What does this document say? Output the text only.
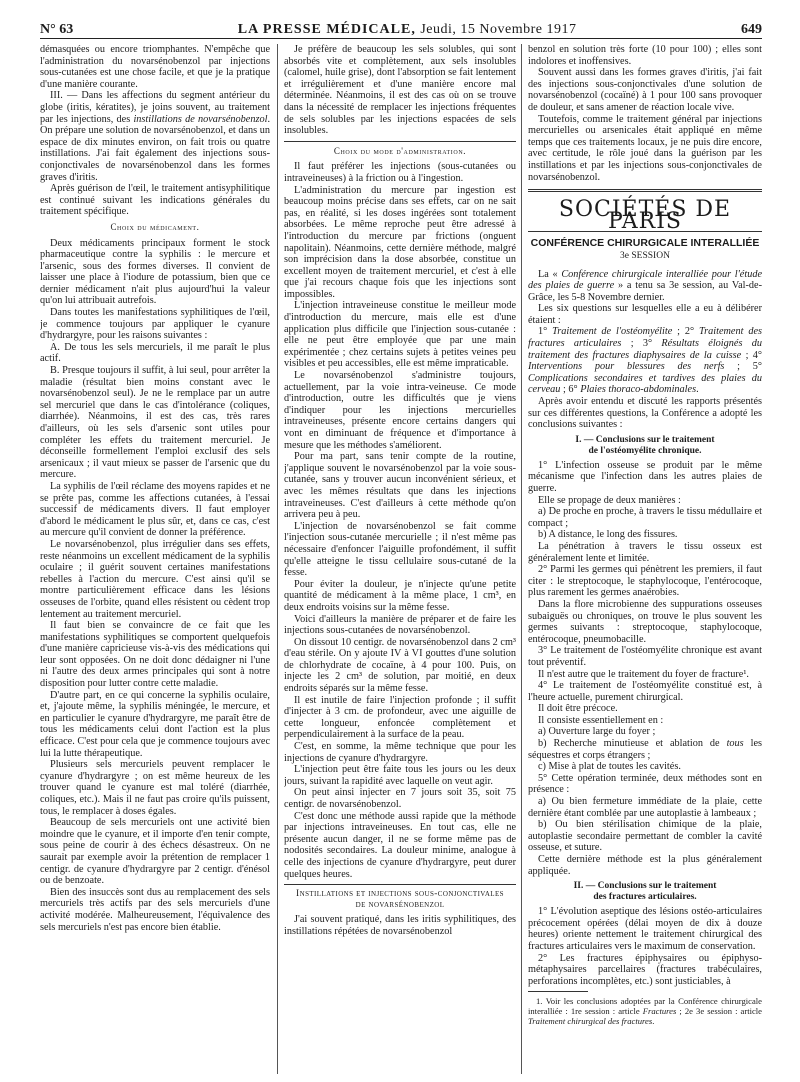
N° 63	LA PRESSE MÉDICALE, Jeudi, 15 Novembre 1917	649

démasquées ou encore triomphantes. N'empêche que l'administration du novarsénobenzol par injections sous-cutanées est une chose facile, et que je la pratique d'une manière courante.

III. — Dans les affections du segment antérieur du globe (iritis, kératites), je joins souvent, au traitement par les injections, des instillations de novarsénobenzol. On prépare une solution de novarsénobenzol, et dans un espace de dix minutes environ, on fait trois ou quatre instillations. J'ai fait également des injections sous-conjonctivales de novarsénobenzol dans les formes graves d'iritis.

Après guérison de l'œil, le traitement antisyphilitique est continué suivant les indications générales du traitement spécifique.

Choix du médicament.

Deux médicaments principaux forment le stock pharmaceutique contre la syphilis : le mercure et l'arsenic, sous des formes diverses. Il convient de laisser une place à l'iodure de potassium, bien que ce dernier médicament n'ait plus aujourd'hui la valeur qu'on lui attribuait autrefois.

Dans toutes les manifestations syphilitiques de l'œil, je commence toujours par appliquer le cyanure d'hydrargyre, pour les raisons suivantes :

A. De tous les sels mercuriels, il me paraît le plus actif.

B. Presque toujours il suffit, à lui seul, pour arrêter la maladie (résultat bien moins constant avec le novarsénobenzol seul). Je ne le remplace par un autre sel mercuriel que dans le cas d'intolérance (coliques, diarrhée). Néanmoins, il est des cas, très rares d'ailleurs, où les sels d'arsenic sont utiles pour compléter les effets du traitement mercuriel. Je déconseille formellement l'emploi exclusif des sels arsenicaux ; il vaut mieux se passer de l'arsenic que du mercure.

La syphilis de l'œil réclame des moyens rapides et ne se prête pas, comme les affections cutanées, à l'essai successif de médicaments divers. Il faut employer d'abord le médicament le plus sûr, et, dans ce cas, c'est au mercure qu'il convient de donner la préférence.

Le novarsénobenzol, plus irrégulier dans ses effets, reste néanmoins un excellent médicament de la syphilis oculaire ; il guérit souvent certaines manifestations rebelles à l'action du mercure. C'est ainsi qu'il se montre particulièrement efficace dans les lésions osseuses de l'orbite, quand elles résistent ou cèdent trop lentement au traitement mercuriel.

Il faut bien se convaincre de ce fait que les manifestations syphilitiques se comportent quelquefois d'une manière capricieuse vis-à-vis des médications qui leur sont opposées. On ne doit donc dédaigner ni l'une ni l'autre des deux armes principales qui sont à notre disposition pour lutter contre cette maladie.

D'autre part, en ce qui concerne la syphilis oculaire, et, j'ajoute même, la syphilis méningée, le mercure, et en particulier le cyanure d'hydrargyre, me paraît être de tous les médicaments celui dont l'action est la plus efficace. C'est pour cela que je commence toujours avec lui la lutte thérapeutique.

Plusieurs sels mercuriels peuvent remplacer le cyanure d'hydrargyre ; on est même heureux de les trouver quand le cyanure est mal toléré (diarrhée, coliques, etc.). Mais il ne faut pas croire qu'ils puissent, tous, le remplacer à doses égales.

Beaucoup de sels mercuriels ont une activité bien moindre que le cyanure, et il importe d'en tenir compte, sous peine de courir à des échecs désastreux. On ne saurait par exemple avoir la prétention de remplacer 1 centigr. de cyanure d'hydrargyre par 2 centigr. d'énésol ou de benzoate.

Bien des insuccès sont dus au remplacement des sels mercuriels très actifs par des sels mercuriels d'une activité modérée. Malheureusement, l'équivalence des sels mercuriels n'est pas encore bien établie.

Je préfère de beaucoup les sels solubles, qui sont absorbés vite et complètement, aux sels insolubles (calomel, huile grise), dont l'absorption se fait lentement et irrégulièrement et d'une manière encore mal déterminée. Néanmoins, il est des cas où on se trouve dans la nécessité de remplacer les injections fréquentes de sels solubles par les injections espacées de sels insolubles.

Choix du mode d'administration.

Il faut préférer les injections (sous-cutanées ou intraveineuses) à la friction ou à l'ingestion.

L'administration du mercure par ingestion est beaucoup moins précise dans ses effets, car on ne sait pas, en réalité, si les doses ingérées sont totalement absorbées. Le même reproche peut être adressé à l'introduction du mercure par frictions (onguent napolitain). Néanmoins, cette dernière méthode, malgré son imprécision dans la dose absorbée, constitue un excellent moyen de traitement mercuriel, et c'est à elle que j'ai recours chaque fois que les injections sont impossibles.

L'injection intraveineuse constitue le meilleur mode d'introduction du mercure, mais elle est d'une application plus difficile que l'injection sous-cutanée : elle ne peut être employée que par une main expérimentée ; chez certains sujets à petites veines peu visibles et peu accessibles, elle est même impraticable.

Le novarsénobenzol s'administre toujours, actuellement, par la voie intra-veineuse. Ce mode d'introduction, outre les difficultés que je viens d'indiquer pour les injections mercurielles intraveineuses, présente encore certains dangers qui vont en diminuant de fréquence et d'importance à mesure que les méthodes s'améliorent.

Pour ma part, sans tenir compte de la routine, j'applique souvent le novarsénobenzol par la voie sous-cutanée, sans y trouver aucun inconvénient sérieux, et avec les mêmes résultats que dans les injections intraveineuses. C'est d'ailleurs à cette méthode qu'on arrivera peu à peu.

L'injection de novarsénobenzol se fait comme l'injection sous-cutanée mercurielle ; il n'est même pas nécessaire d'enfoncer l'aiguille profondément, il suffit qu'elle atteigne le tissu cellulaire sous-cutané de la fesse.

Pour éviter la douleur, je n'injecte qu'une petite quantité de médicament à la même place, 1 cm³, en deux endroits voisins sur la même fesse.

Voici d'ailleurs la manière de préparer et de faire les injections sous-cutanées de novarsénobenzol.

On dissout 10 centigr. de novarsénobenzol dans 2 cm³ d'eau stérile. On y ajoute IV à VI gouttes d'une solution de chlorhydrate de cocaïne, à 4 pour 100. Puis, on injecte les 2 cm³ de solution, par moitié, en deux endroits séparés sur la même fesse.

Il est inutile de faire l'injection profonde ; il suffit d'injecter à 3 cm. de profondeur, avec une aiguille de cette longueur, enfoncée complètement et perpendiculairement à la surface de la peau.

C'est, en somme, la même technique que pour les injections de cyanure d'hydrargyre.

L'injection peut être faite tous les jours ou les deux jours, suivant la rapidité avec laquelle on veut agir.

On peut ainsi injecter en 7 jours soit 35, soit 75 centigr. de novarsénobenzol.

C'est donc une méthode aussi rapide que la méthode par injections intraveineuses. En tout cas, elle ne présente aucun danger, il ne se forme même pas de nodosités secondaires. La douleur minime, analogue à celle des injections de cyanure d'hydrargyre, peut durer quelques heures.

Instillations et injections sous-conjonctivales
de novarsénobenzol

J'ai souvent pratiqué, dans les iritis syphilitiques, des instillations répétées de novarsénobenzol

benzol en solution très forte (10 pour 100) ; elles sont indolores et inoffensives.

Souvent aussi dans les formes graves d'iritis, j'ai fait des injections sous-conjonctivales d'une solution de novarsénobenzol (cocaïné) à 1 pour 100 sans provoquer de douleur, et sans amener de réaction locale vive.

Toutefois, comme le traitement général par injections mercurielles ou arsenicales était appliqué en même temps que ces traitements locaux, je ne puis dire encore, avec certitude, le rôle joué dans la guérison par les instillations et par les injections sous-conjonctivales de novarsénobenzol.

SOCIÉTÉS DE PARIS
CONFÉRENCE CHIRURGICALE INTERALLIÉE
3e SESSION

La « Conférence chirurgicale interalliée pour l'étude des plaies de guerre » a tenu sa 3e session, au Val-de-Grâce, les 5-8 Novembre dernier.

Les six questions sur lesquelles elle a eu à délibérer étaient :

1° Traitement de l'ostéomyélite ; 2° Traitement des fractures articulaires ; 3° Résultats éloignés du traitement des fractures diaphysaires de la cuisse ; 4° Interventions pour blessures des nerfs ; 5° Complications secondaires et tardives des plaies du cerveau ; 6° Plaies thoraco-abdominales.

Après avoir entendu et discuté les rapports présentés sur ces différentes questions, la Conférence a adopté les conclusions suivantes :

I. — Conclusions sur le traitement
de l'ostéomyélite chronique.

1° L'infection osseuse se produit par le même mécanisme que l'infection dans les autres plaies de guerre.

Elle se propage de deux manières :

a) De proche en proche, à travers le tissu médullaire et compact ;

b) A distance, le long des fissures.

La pénétration à travers le tissu osseux est généralement lente et limitée.

2° Parmi les germes qui pénètrent les premiers, il faut citer : le streptocoque, le staphylocoque, l'entérocoque, plus rarement les germes anaérobies.

Dans la flore microbienne des suppurations osseuses subaiguës ou chroniques, on trouve le plus souvent les germes suivants : streptocoque, staphylocoque, entérocoque, pneumobacille.

3° Le traitement de l'ostéomyélite chronique est avant tout préventif.

Il n'est autre que le traitement du foyer de fracture¹.

4° Le traitement de l'ostéomyélite constitué est, à l'heure actuelle, purement chirurgical.

Il doit être précoce.

Il consiste essentiellement en :

a) Ouverture large du foyer ;

b) Recherche minutieuse et ablation de tous les séquestres et corps étrangers ;

c) Mise à plat de toutes les cavités.

5° Cette opération terminée, deux méthodes sont en présence :

a) Ou bien fermeture immédiate de la plaie, cette dernière étant comblée par une autoplastie à lambeaux ;

b) Ou bien stérilisation chimique de la plaie, autoplastie secondaire permettant de combler la cavité osseuse, et suture.

Cette dernière méthode est la plus généralement appliquée.

II. — Conclusions sur le traitement
des fractures articulaires.

1° L'évolution aseptique des lésions ostéo-articulaires précocement opérées (délai moyen de dix à douze heures) oriente nettement le traitement chirurgical des fractures articulaires vers le maximum de conservation.

2° Les fractures épiphysaires ou épiphyso-métaphysaires parcellaires (fractures trabéculaires, perforations incomplètes, etc.) sont justiciables, à

1. Voir les conclusions adoptées par la Conférence chirurgicale interalliée : 1re session : article Fractures ; 2e 3e session : article Traitement chirurgical des fractures.
